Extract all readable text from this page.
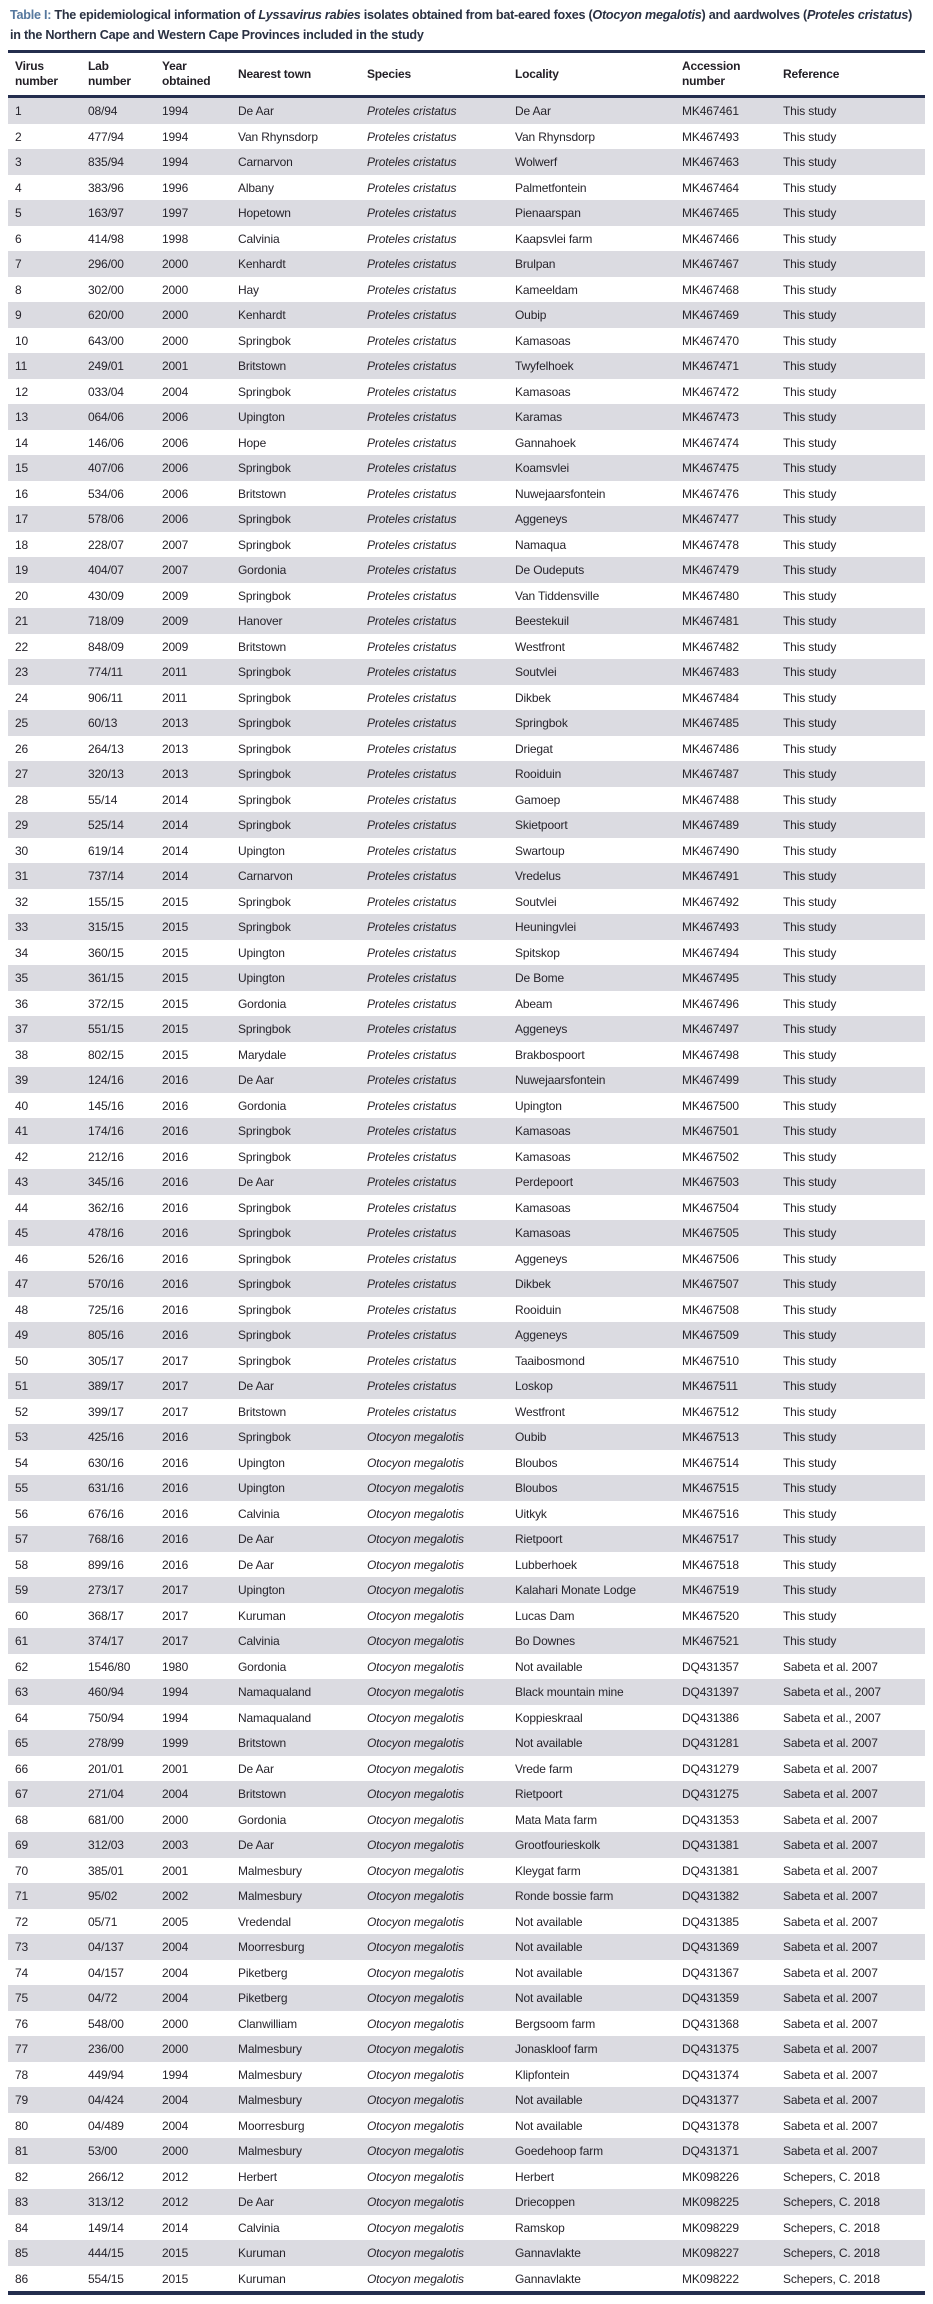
Table I: The epidemiological information of Lyssavirus rabies isolates obtained from bat-eared foxes (Otocyon megalotis) and aardwolves (Proteles cristatus) in the Northern Cape and Western Cape Provinces included in the study
Virus number	Lab number	Year obtained	Nearest town	Species	Locality	Accession number	Reference
1	08/94	1994	De Aar	Proteles cristatus	De Aar	MK467461	This study
2	477/94	1994	Van Rhynsdorp	Proteles cristatus	Van Rhynsdorp	MK467493	This study
3	835/94	1994	Carnarvon	Proteles cristatus	Wolwerf	MK467463	This study
4	383/96	1996	Albany	Proteles cristatus	Palmetfontein	MK467464	This study
5	163/97	1997	Hopetown	Proteles cristatus	Pienaarspan	MK467465	This study
6	414/98	1998	Calvinia	Proteles cristatus	Kaapsvlei farm	MK467466	This study
7	296/00	2000	Kenhardt	Proteles cristatus	Brulpan	MK467467	This study
8	302/00	2000	Hay	Proteles cristatus	Kameeldam	MK467468	This study
9	620/00	2000	Kenhardt	Proteles cristatus	Oubip	MK467469	This study
10	643/00	2000	Springbok	Proteles cristatus	Kamasoas	MK467470	This study
11	249/01	2001	Britstown	Proteles cristatus	Twyfelhoek	MK467471	This study
12	033/04	2004	Springbok	Proteles cristatus	Kamasoas	MK467472	This study
13	064/06	2006	Upington	Proteles cristatus	Karamas	MK467473	This study
14	146/06	2006	Hope	Proteles cristatus	Gannahoek	MK467474	This study
15	407/06	2006	Springbok	Proteles cristatus	Koamsvlei	MK467475	This study
16	534/06	2006	Britstown	Proteles cristatus	Nuwejaarsfontein	MK467476	This study
17	578/06	2006	Springbok	Proteles cristatus	Aggeneys	MK467477	This study
18	228/07	2007	Springbok	Proteles cristatus	Namaqua	MK467478	This study
19	404/07	2007	Gordonia	Proteles cristatus	De Oudeputs	MK467479	This study
20	430/09	2009	Springbok	Proteles cristatus	Van Tiddensville	MK467480	This study
21	718/09	2009	Hanover	Proteles cristatus	Beestekuil	MK467481	This study
22	848/09	2009	Britstown	Proteles cristatus	Westfront	MK467482	This study
23	774/11	2011	Springbok	Proteles cristatus	Soutvlei	MK467483	This study
24	906/11	2011	Springbok	Proteles cristatus	Dikbek	MK467484	This study
25	60/13	2013	Springbok	Proteles cristatus	Springbok	MK467485	This study
26	264/13	2013	Springbok	Proteles cristatus	Driegat	MK467486	This study
27	320/13	2013	Springbok	Proteles cristatus	Rooiduin	MK467487	This study
28	55/14	2014	Springbok	Proteles cristatus	Gamoep	MK467488	This study
29	525/14	2014	Springbok	Proteles cristatus	Skietpoort	MK467489	This study
30	619/14	2014	Upington	Proteles cristatus	Swartoup	MK467490	This study
31	737/14	2014	Carnarvon	Proteles cristatus	Vredelus	MK467491	This study
32	155/15	2015	Springbok	Proteles cristatus	Soutvlei	MK467492	This study
33	315/15	2015	Springbok	Proteles cristatus	Heuningvlei	MK467493	This study
34	360/15	2015	Upington	Proteles cristatus	Spitskop	MK467494	This study
35	361/15	2015	Upington	Proteles cristatus	De Bome	MK467495	This study
36	372/15	2015	Gordonia	Proteles cristatus	Abeam	MK467496	This study
37	551/15	2015	Springbok	Proteles cristatus	Aggeneys	MK467497	This study
38	802/15	2015	Marydale	Proteles cristatus	Brakbospoort	MK467498	This study
39	124/16	2016	De Aar	Proteles cristatus	Nuwejaarsfontein	MK467499	This study
40	145/16	2016	Gordonia	Proteles cristatus	Upington	MK467500	This study
41	174/16	2016	Springbok	Proteles cristatus	Kamasoas	MK467501	This study
42	212/16	2016	Springbok	Proteles cristatus	Kamasoas	MK467502	This study
43	345/16	2016	De Aar	Proteles cristatus	Perdepoort	MK467503	This study
44	362/16	2016	Springbok	Proteles cristatus	Kamasoas	MK467504	This study
45	478/16	2016	Springbok	Proteles cristatus	Kamasoas	MK467505	This study
46	526/16	2016	Springbok	Proteles cristatus	Aggeneys	MK467506	This study
47	570/16	2016	Springbok	Proteles cristatus	Dikbek	MK467507	This study
48	725/16	2016	Springbok	Proteles cristatus	Rooiduin	MK467508	This study
49	805/16	2016	Springbok	Proteles cristatus	Aggeneys	MK467509	This study
50	305/17	2017	Springbok	Proteles cristatus	Taaibosmond	MK467510	This study
51	389/17	2017	De Aar	Proteles cristatus	Loskop	MK467511	This study
52	399/17	2017	Britstown	Proteles cristatus	Westfront	MK467512	This study
53	425/16	2016	Springbok	Otocyon megalotis	Oubib	MK467513	This study
54	630/16	2016	Upington	Otocyon megalotis	Bloubos	MK467514	This study
55	631/16	2016	Upington	Otocyon megalotis	Bloubos	MK467515	This study
56	676/16	2016	Calvinia	Otocyon megalotis	Uitkyk	MK467516	This study
57	768/16	2016	De Aar	Otocyon megalotis	Rietpoort	MK467517	This study
58	899/16	2016	De Aar	Otocyon megalotis	Lubberhoek	MK467518	This study
59	273/17	2017	Upington	Otocyon megalotis	Kalahari Monate Lodge	MK467519	This study
60	368/17	2017	Kuruman	Otocyon megalotis	Lucas Dam	MK467520	This study
61	374/17	2017	Calvinia	Otocyon megalotis	Bo Downes	MK467521	This study
62	1546/80	1980	Gordonia	Otocyon megalotis	Not available	DQ431357	Sabeta et al. 2007
63	460/94	1994	Namaqualand	Otocyon megalotis	Black mountain mine	DQ431397	Sabeta et al., 2007
64	750/94	1994	Namaqualand	Otocyon megalotis	Koppieskraal	DQ431386	Sabeta et al., 2007
65	278/99	1999	Britstown	Otocyon megalotis	Not available	DQ431281	Sabeta et al. 2007
66	201/01	2001	De Aar	Otocyon megalotis	Vrede farm	DQ431279	Sabeta et al. 2007
67	271/04	2004	Britstown	Otocyon megalotis	Rietpoort	DQ431275	Sabeta et al. 2007
68	681/00	2000	Gordonia	Otocyon megalotis	Mata Mata farm	DQ431353	Sabeta et al. 2007
69	312/03	2003	De Aar	Otocyon megalotis	Grootfourieskolk	DQ431381	Sabeta et al. 2007
70	385/01	2001	Malmesbury	Otocyon megalotis	Kleygat farm	DQ431381	Sabeta et al. 2007
71	95/02	2002	Malmesbury	Otocyon megalotis	Ronde bossie farm	DQ431382	Sabeta et al. 2007
72	05/71	2005	Vredendal	Otocyon megalotis	Not available	DQ431385	Sabeta et al. 2007
73	04/137	2004	Moorresburg	Otocyon megalotis	Not available	DQ431369	Sabeta et al. 2007
74	04/157	2004	Piketberg	Otocyon megalotis	Not available	DQ431367	Sabeta et al. 2007
75	04/72	2004	Piketberg	Otocyon megalotis	Not available	DQ431359	Sabeta et al. 2007
76	548/00	2000	Clanwilliam	Otocyon megalotis	Bergsoom farm	DQ431368	Sabeta et al. 2007
77	236/00	2000	Malmesbury	Otocyon megalotis	Jonaskloof farm	DQ431375	Sabeta et al. 2007
78	449/94	1994	Malmesbury	Otocyon megalotis	Klipfontein	DQ431374	Sabeta et al. 2007
79	04/424	2004	Malmesbury	Otocyon megalotis	Not available	DQ431377	Sabeta et al. 2007
80	04/489	2004	Moorresburg	Otocyon megalotis	Not available	DQ431378	Sabeta et al. 2007
81	53/00	2000	Malmesbury	Otocyon megalotis	Goedehoop farm	DQ431371	Sabeta et al. 2007
82	266/12	2012	Herbert	Otocyon megalotis	Herbert	MK098226	Schepers, C. 2018
83	313/12	2012	De Aar	Otocyon megalotis	Driecoppen	MK098225	Schepers, C. 2018
84	149/14	2014	Calvinia	Otocyon megalotis	Ramskop	MK098229	Schepers, C. 2018
85	444/15	2015	Kuruman	Otocyon megalotis	Gannavlakte	MK098227	Schepers, C. 2018
86	554/15	2015	Kuruman	Otocyon megalotis	Gannavlakte	MK098222	Schepers, C. 2018
